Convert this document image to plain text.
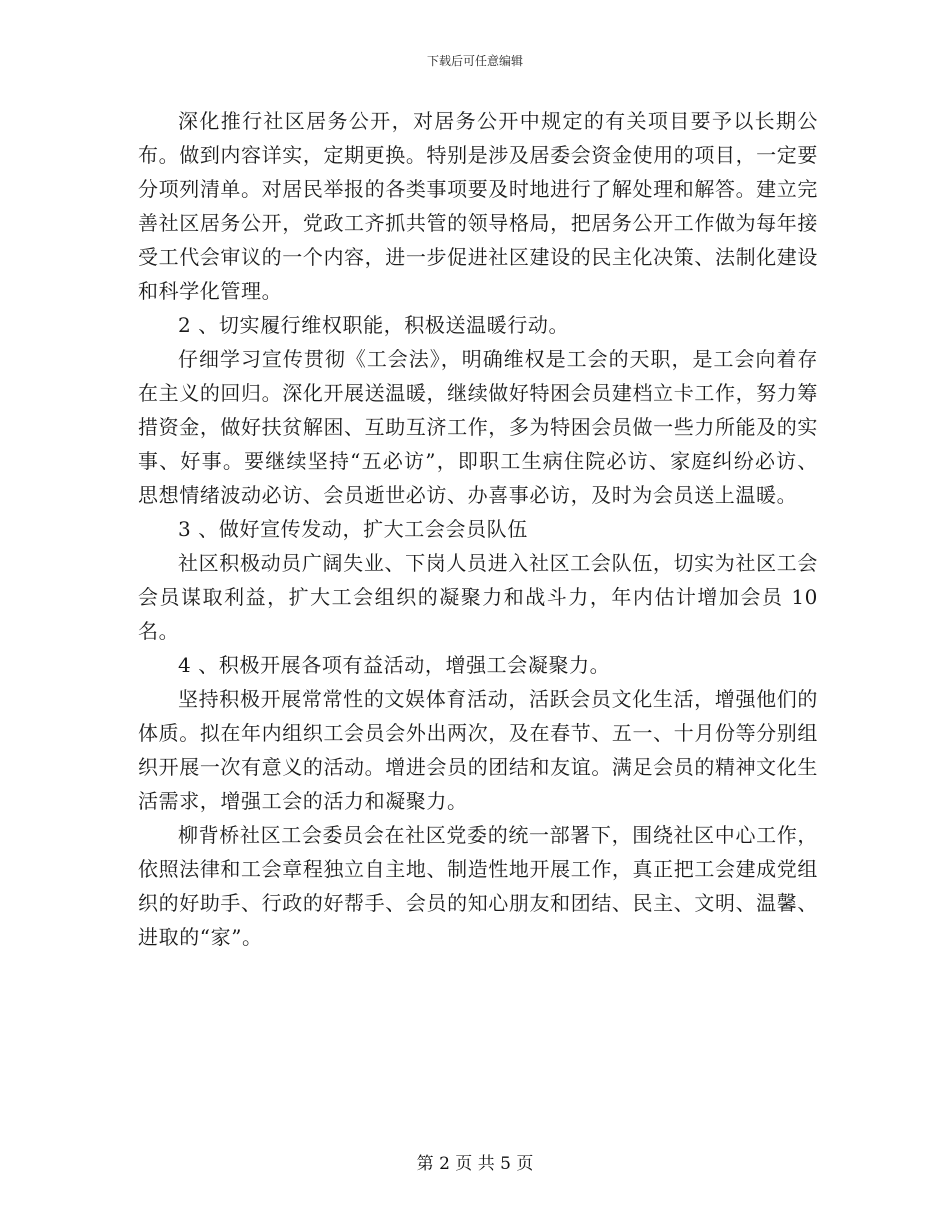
下载后可任意编辑

深化推行社区居务公开，对居务公开中规定的有关项目要予以长期公布。做到内容详实，定期更换。特别是涉及居委会资金使用的项目，一定要分项列清单。对居民举报的各类事项要及时地进行了解处理和解答。建立完善社区居务公开，党政工齐抓共管的领导格局，把居务公开工作做为每年接受工代会审议的一个内容，进一步促进社区建设的民主化决策、法制化建设和科学化管理。

2 、切实履行维权职能，积极送温暖行动。

仔细学习宣传贯彻《工会法》，明确维权是工会的天职，是工会向着存在主义的回归。深化开展送温暖，继续做好特困会员建档立卡工作，努力筹措资金，做好扶贫解困、互助互济工作，多为特困会员做一些力所能及的实事、好事。要继续坚持“五必访”，即职工生病住院必访、家庭纠纷必访、思想情绪波动必访、会员逝世必访、办喜事必访，及时为会员送上温暖。

3 、做好宣传发动，扩大工会会员队伍

社区积极动员广阔失业、下岗人员进入社区工会队伍，切实为社区工会会员谋取利益，扩大工会组织的凝聚力和战斗力，年内估计增加会员 10名。

4 、积极开展各项有益活动，增强工会凝聚力。

坚持积极开展常常性的文娱体育活动，活跃会员文化生活，增强他们的体质。拟在年内组织工会员会外出两次，及在春节、五一、十月份等分别组织开展一次有意义的活动。增进会员的团结和友谊。满足会员的精神文化生活需求，增强工会的活力和凝聚力。

柳背桥社区工会委员会在社区党委的统一部署下，围绕社区中心工作，依照法律和工会章程独立自主地、制造性地开展工作，真正把工会建成党组织的好助手、行政的好帮手、会员的知心朋友和团结、民主、文明、温馨、进取的“家”。

第 2 页 共 5 页
